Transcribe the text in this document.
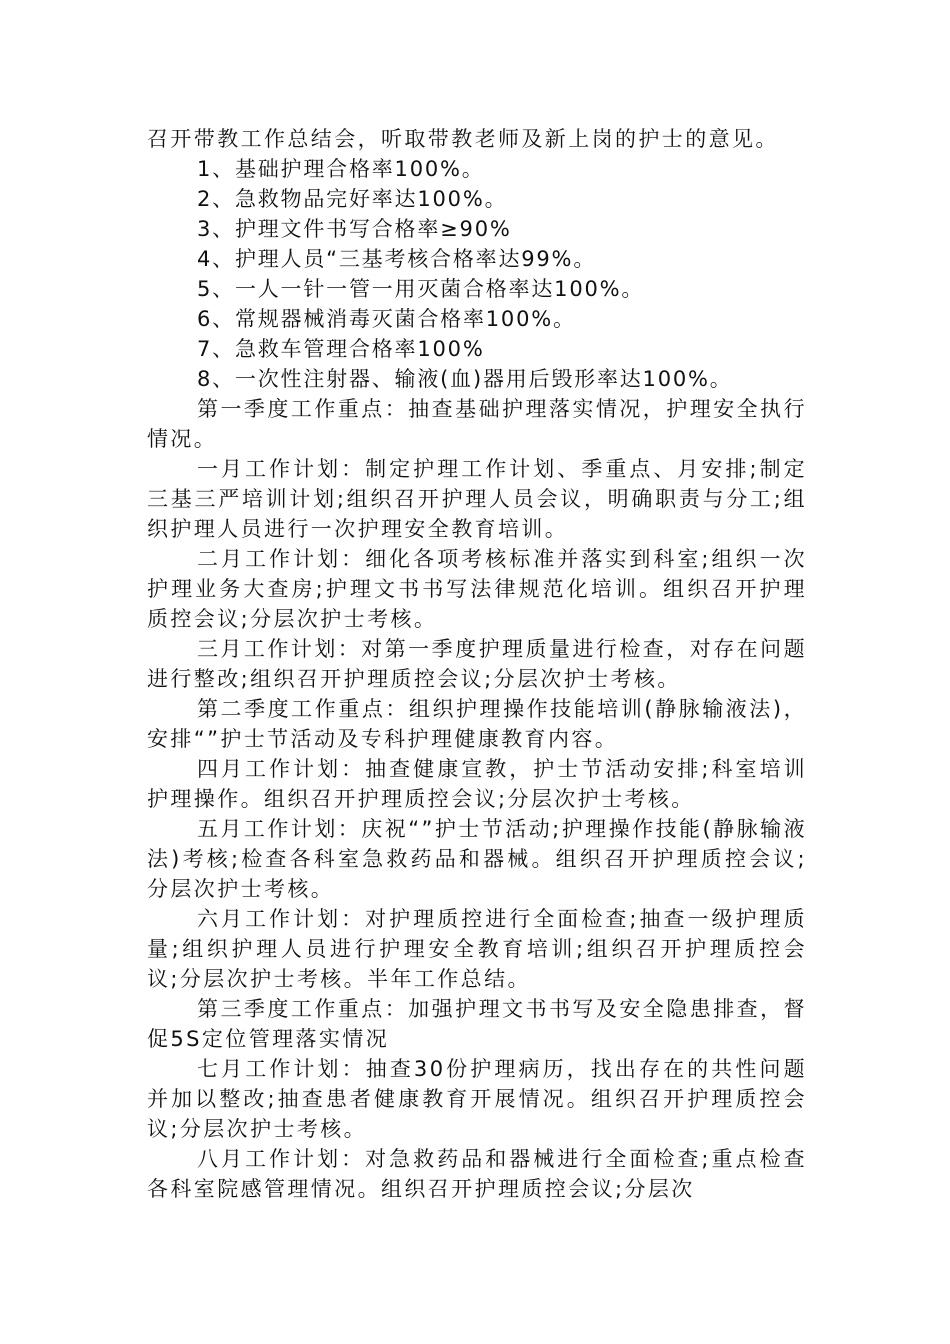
召开带教工作总结会，听取带教老师及新上岗的护士的意见。

1、基础护理合格率100%。

2、急救物品完好率达100%。

3、护理文件书写合格率≥90%

4、护理人员“三基考核合格率达99%。

5、一人一针一管一用灭菌合格率达100%。

6、常规器械消毒灭菌合格率100%。

7、急救车管理合格率100%

8、一次性注射器、输液(血)器用后毁形率达100%。

第一季度工作重点：抽查基础护理落实情况，护理安全执行情况。

一月工作计划：制定护理工作计划、季重点、月安排;制定三基三严培训计划;组织召开护理人员会议，明确职责与分工;组织护理人员进行一次护理安全教育培训。

二月工作计划：细化各项考核标准并落实到科室;组织一次护理业务大查房;护理文书书写法律规范化培训。组织召开护理质控会议;分层次护士考核。

三月工作计划：对第一季度护理质量进行检查，对存在问题进行整改;组织召开护理质控会议;分层次护士考核。

第二季度工作重点：组织护理操作技能培训(静脉输液法)，安排“”护士节活动及专科护理健康教育内容。

四月工作计划：抽查健康宣教，护士节活动安排;科室培训护理操作。组织召开护理质控会议;分层次护士考核。

五月工作计划：庆祝“”护士节活动;护理操作技能(静脉输液法)考核;检查各科室急救药品和器械。组织召开护理质控会议;分层次护士考核。

六月工作计划：对护理质控进行全面检查;抽查一级护理质量;组织护理人员进行护理安全教育培训;组织召开护理质控会议;分层次护士考核。半年工作总结。

第三季度工作重点：加强护理文书书写及安全隐患排查，督促5S定位管理落实情况

七月工作计划：抽查30份护理病历，找出存在的共性问题并加以整改;抽查患者健康教育开展情况。组织召开护理质控会议;分层次护士考核。

八月工作计划：对急救药品和器械进行全面检查;重点检查各科室院感管理情况。组织召开护理质控会议;分层次
